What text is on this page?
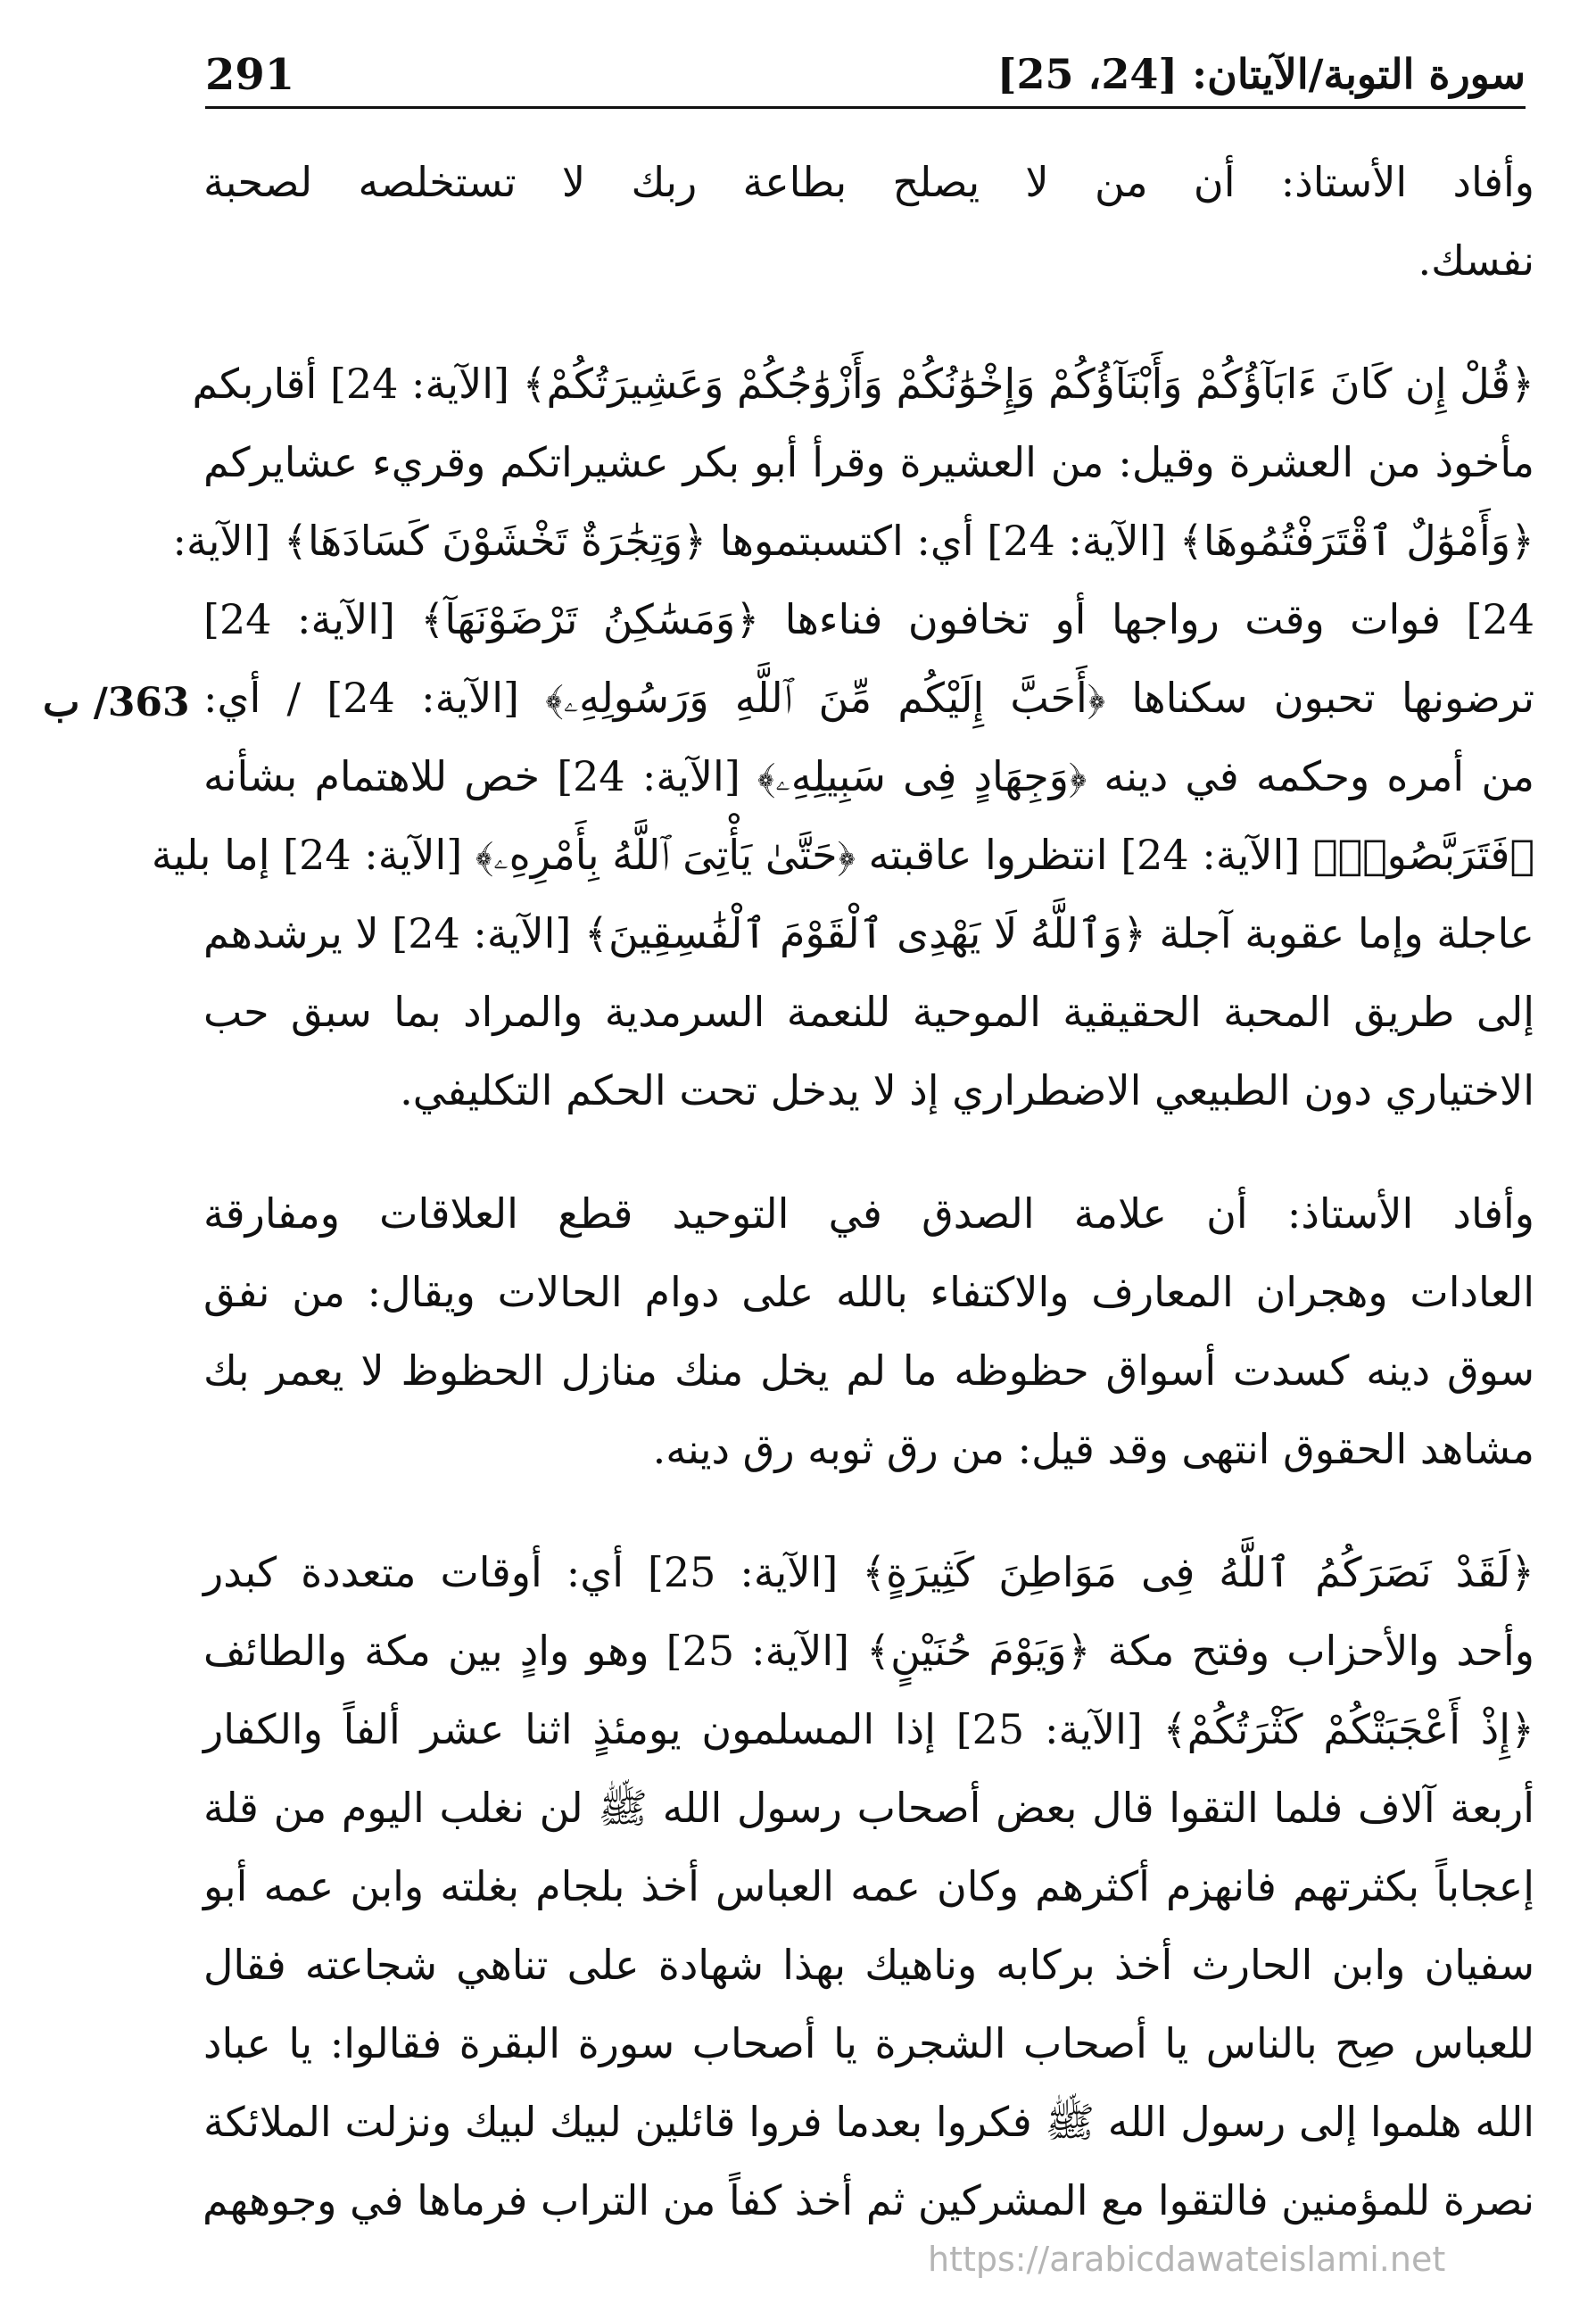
291	سورة التوبة/الآيتان: [24، 25]
363/ ب
وأفاد الأستاذ: أن من لا يصلح بطاعة ربك لا تستخلصه لصحبة
نفسك.
﴿قُلْ إِن كَانَ ءَابَآؤُكُمْ وَأَبْنَآؤُكُمْ وَإِخْوَٰنُكُمْ وَأَزْوَٰجُكُمْ وَعَشِيرَتُكُمْ﴾ [الآية: 24] أقاربكم
مأخوذ من العشرة وقيل: من العشيرة وقرأ أبو بكر عشيراتكم وقريء عشايركم
﴿وَأَمْوَٰلٌ ٱقْتَرَفْتُمُوهَا﴾ [الآية: 24] أي: اكتسبتموها ﴿وَتِجَٰرَةٌ تَخْشَوْنَ كَسَادَهَا﴾ [الآية:
24] فوات وقت رواجها أو تخافون فناءها ﴿وَمَسَٰكِنُ تَرْضَوْنَهَآ﴾ [الآية: 24]
ترضونها تحبون سكناها ﴿أَحَبَّ إِلَيْكُم مِّنَ ٱللَّهِ وَرَسُولِهِۦ﴾ [الآية: 24] / أي:
من أمره وحكمه في دينه ﴿وَجِهَادٍ فِى سَبِيلِهِۦ﴾ [الآية: 24] خص للاهتمام بشأنه
﴿فَتَرَبَّصُوا۟﴾ [الآية: 24] انتظروا عاقبته ﴿حَتَّىٰ يَأْتِىَ ٱللَّهُ بِأَمْرِهِۦ﴾ [الآية: 24] إما بلية
عاجلة وإما عقوبة آجلة ﴿وَٱللَّهُ لَا يَهْدِى ٱلْقَوْمَ ٱلْفَٰسِقِينَ﴾ [الآية: 24] لا يرشدهم
إلى طريق المحبة الحقيقية الموحية للنعمة السرمدية والمراد بما سبق حب
الاختياري دون الطبيعي الاضطراري إذ لا يدخل تحت الحكم التكليفي.
وأفاد الأستاذ: أن علامة الصدق في التوحيد قطع العلاقات ومفارقة
العادات وهجران المعارف والاكتفاء بالله على دوام الحالات ويقال: من نفق
سوق دينه كسدت أسواق حظوظه ما لم يخل منك منازل الحظوظ لا يعمر بك
مشاهد الحقوق انتهى وقد قيل: من رق ثوبه رق دينه.
﴿لَقَدْ نَصَرَكُمُ ٱللَّهُ فِى مَوَاطِنَ كَثِيرَةٍ﴾ [الآية: 25] أي: أوقات متعددة كبدر
وأحد والأحزاب وفتح مكة ﴿وَيَوْمَ حُنَيْنٍ﴾ [الآية: 25] وهو وادٍ بين مكة والطائف
﴿إِذْ أَعْجَبَتْكُمْ كَثْرَتُكُمْ﴾ [الآية: 25] إذا المسلمون يومئذٍ اثنا عشر ألفاً والكفار
أربعة آلاف فلما التقوا قال بعض أصحاب رسول الله ﷺ لن نغلب اليوم من قلة
إعجاباً بكثرتهم فانهزم أكثرهم وكان عمه العباس أخذ بلجام بغلته وابن عمه أبو
سفيان وابن الحارث أخذ بركابه وناهيك بهذا شهادة على تناهي شجاعته فقال
للعباس صِح بالناس يا أصحاب الشجرة يا أصحاب سورة البقرة فقالوا: يا عباد
الله هلموا إلى رسول الله ﷺ فكروا بعدما فروا قائلين لبيك لبيك ونزلت الملائكة
نصرة للمؤمنين فالتقوا مع المشركين ثم أخذ كفاً من التراب فرماها في وجوههم
https://arabicdawateislami.net
